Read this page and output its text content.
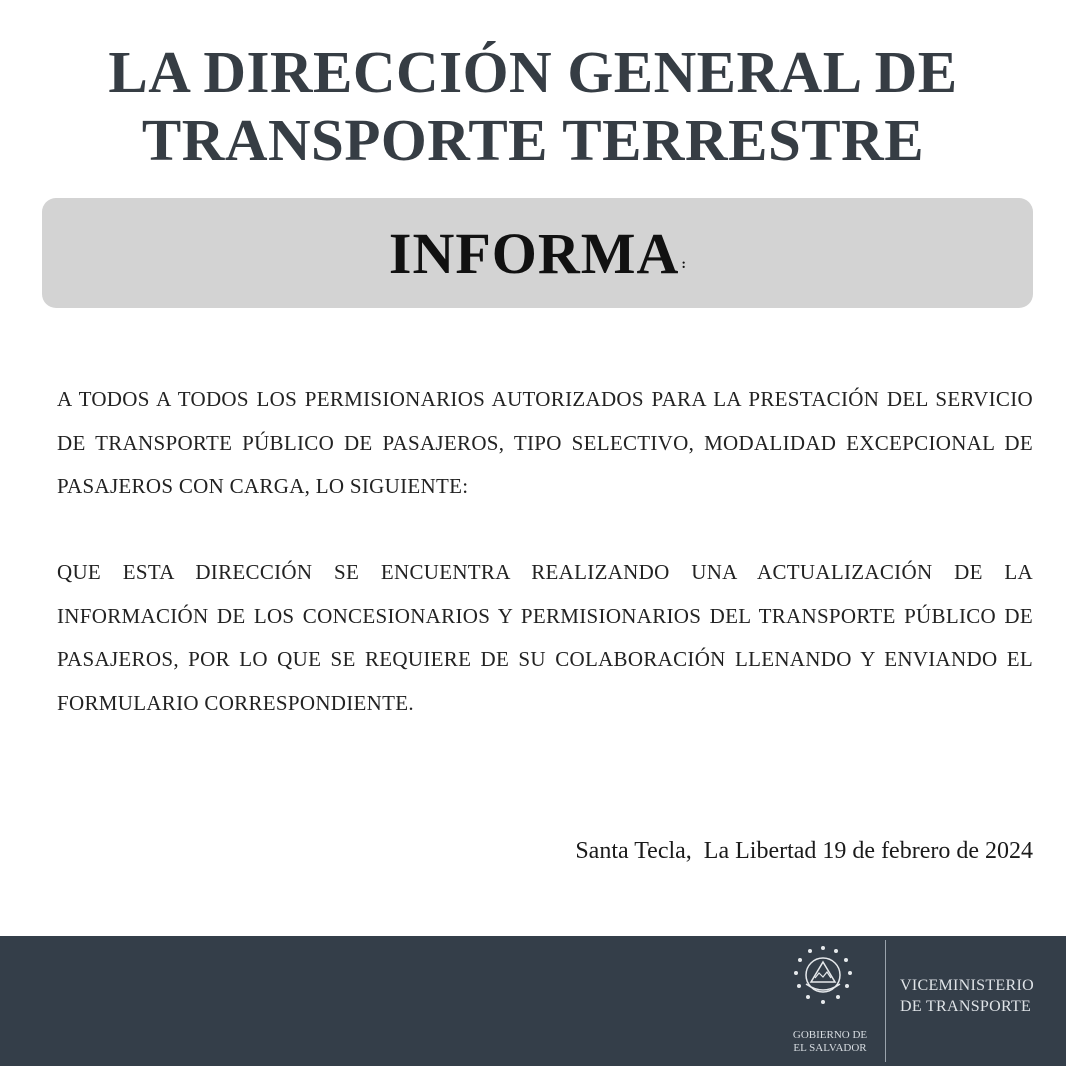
LA DIRECCIÓN GENERAL DE
TRANSPORTE TERRESTRE
INFORMA :
A TODOS A TODOS LOS PERMISIONARIOS AUTORIZADOS PARA LA PRESTACIÓN DEL SERVICIO DE TRANSPORTE PÚBLICO DE PASAJEROS, TIPO SELECTIVO, MODALIDAD EXCEPCIONAL DE PASAJEROS CON CARGA, LO SIGUIENTE:
QUE ESTA DIRECCIÓN SE ENCUENTRA REALIZANDO UNA ACTUALIZACIÓN DE LA INFORMACIÓN DE LOS CONCESIONARIOS Y PERMISIONARIOS DEL TRANSPORTE PÚBLICO DE PASAJEROS, POR LO QUE SE REQUIERE DE SU COLABORACIÓN LLENANDO Y ENVIANDO EL FORMULARIO CORRESPONDIENTE.
Santa Tecla,  La Libertad 19 de febrero de 2024
GOBIERNO DE
EL SALVADOR
VICEMINISTERIO
DE TRANSPORTE
